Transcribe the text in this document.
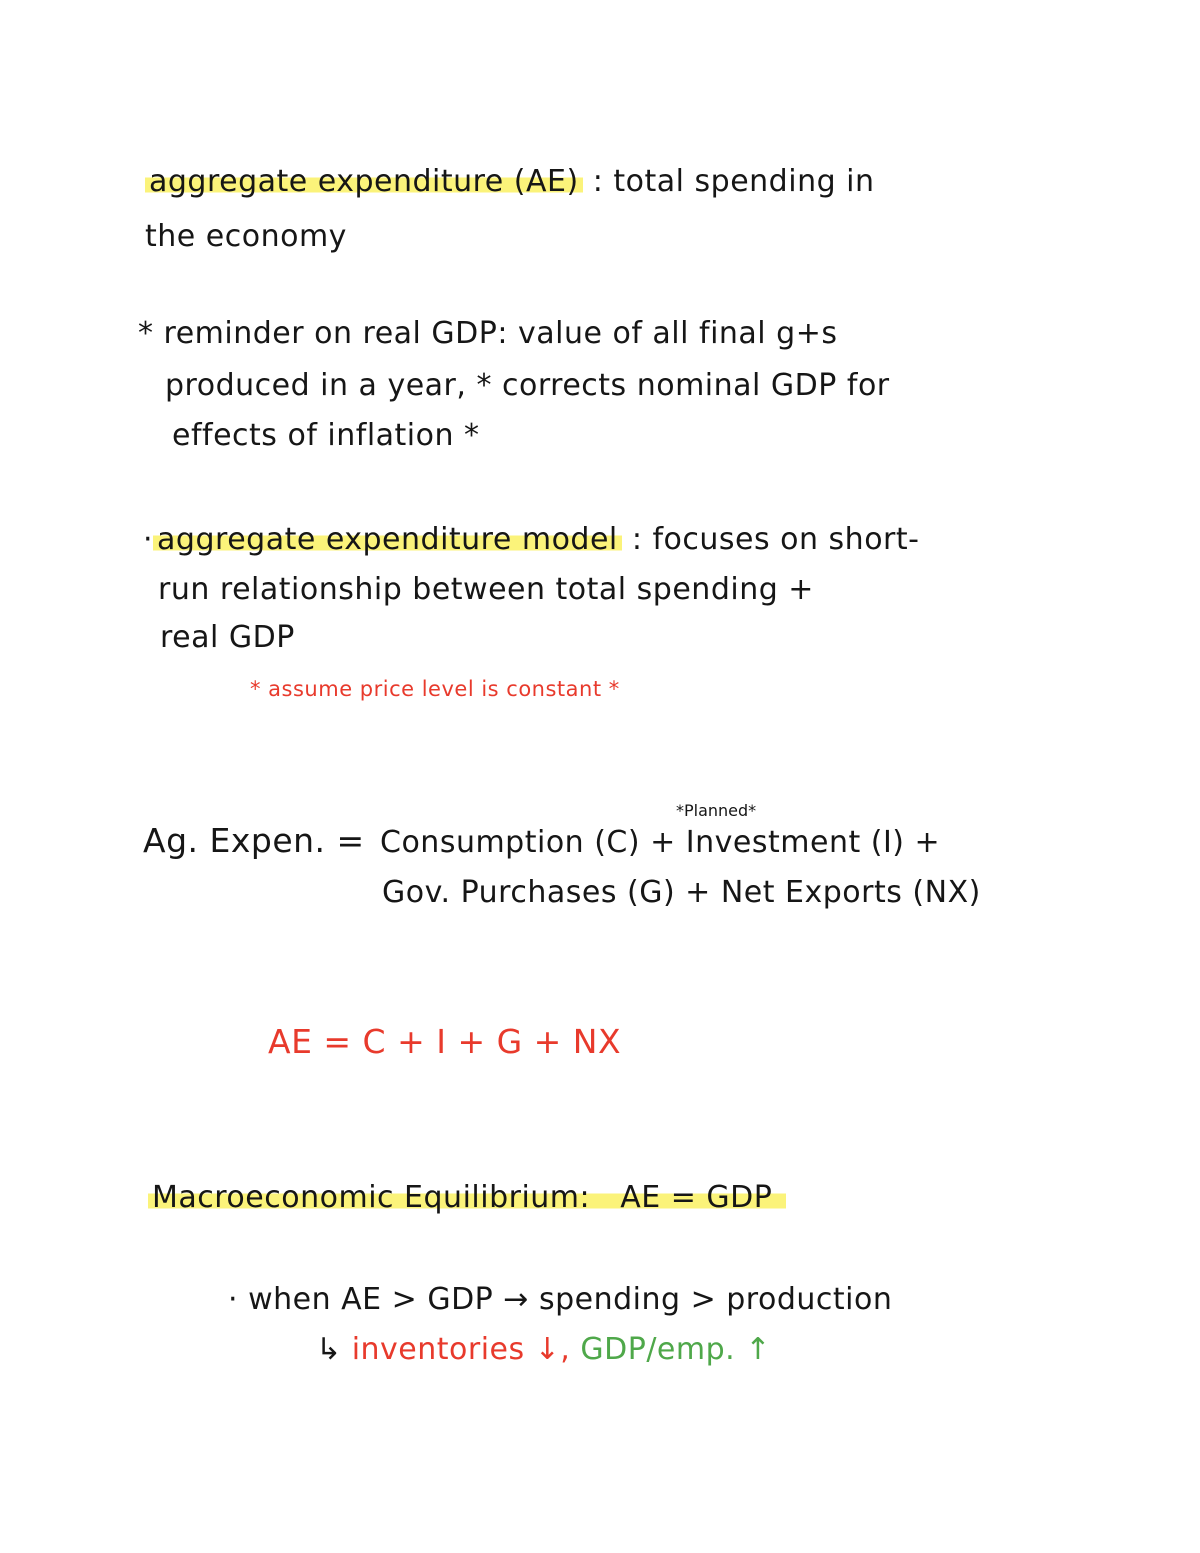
aggregate expenditure (AE) : total spending in
the economy
* reminder on real GDP: value of all final g+s
produced in a year, * corrects nominal GDP for
effects of inflation *
· aggregate expenditure model : focuses on short-
run relationship between total spending +
real GDP
* assume price level is constant *
*Planned*
Ag. Expen. = Consumption (C) + Investment (I) +
Gov. Purchases (G) + Net Exports (NX)
AE = C + I + G + NX
Macroeconomic Equilibrium: AE = GDP
· when AE > GDP → spending > production
↳ inventories ↓, GDP/emp. ↑
